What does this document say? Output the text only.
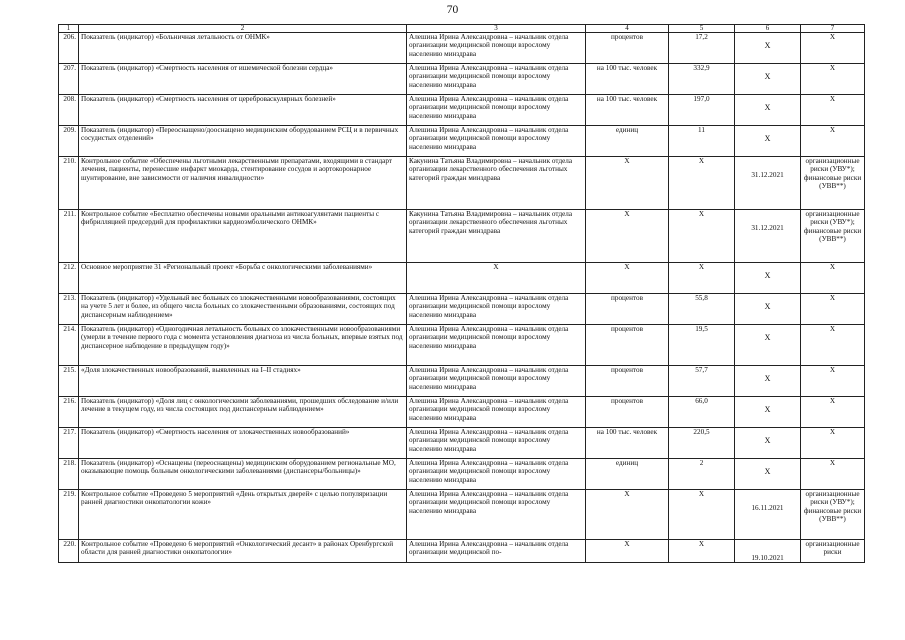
70
1	2	3	4	5	6	7
206.	Показатель (индикатор) «Больничная летальность от ОНМК»	Алешина Ирина Александровна – начальник отдела организации медицинской помощи взрослому населению минздрава	процентов	17,2	X	X

207.	Показатель (индикатор) «Смертность населения от ишемической болезни сердца»	Алешина Ирина Александровна – начальник отдела организации медицинской помощи взрослому населению минздрава	на 100 тыс. человек	332,9	X	X

208.	Показатель (индикатор) «Смертность населения от цереброваскулярных болезней»	Алешина Ирина Александровна – начальник отдела организации медицинской помощи взрослому населению минздрава	на 100 тыс. человек	197,0	X	X

209.	Показатель (индикатор) «Переоснащено/дооснащено медицинским оборудованием РСЦ и в первичных сосудистых отделений»	Алешина Ирина Александровна – начальник отдела организации медицинской помощи взрослому населению минздрава	единиц	11	X	X

210.	Контрольное событие «Обеспечены льготными лекарственными препаратами, входящими в стандарт лечения, пациенты, перенесшие инфаркт миокарда, стентирование сосудов и аортокоронарное шунтирование, вне зависимости от наличия инвалидности»	Какунина Татьяна Владимировна – начальник отдела организации лекарственного обеспечения льготных категорий граждан минздрава	X	X	31.12.2021	организационные риски (УВУ*); финансовые риски (УВВ**)

211.	Контрольное событие «Бесплатно обеспечены новыми оральными антикоагулянтами пациенты с фибрилляцией предсердий для профилактики кардиоэмболического ОНМК»	Какунина Татьяна Владимировна – начальник отдела организации лекарственного обеспечения льготных категорий граждан минздрава	X	X	31.12.2021	организационные риски (УВУ*); финансовые риски (УВВ**)

212.	Основное мероприятие 31 «Региональный проект «Борьба с онкологическими заболеваниями»	X	X	X	X	X

213.	Показатель (индикатор) «Удельный вес больных со злокачественными новообразованиями, состоящих на учете 5 лет и более, из общего числа больных со злокачественными образованиями, состоящих под диспансерным наблюдением»	Алешина Ирина Александровна – начальник отдела организации медицинской помощи взрослому населению минздрава	процентов	55,8	X	X

214.	Показатель (индикатор) «Одногодичная летальность больных со злокачественными новообразованиями (умерли в течение первого года с момента установления диагноза из числа больных, впервые взятых под диспансерное наблюдение в предыдущем году)»	Алешина Ирина Александровна – начальник отдела организации медицинской помощи взрослому населению минздрава	процентов	19,5	X	X

215.	«Доля злокачественных новообразований, выявленных на I–II стадиях»	Алешина Ирина Александровна – начальник отдела организации медицинской помощи взрослому населению минздрава	процентов	57,7	X	X

216.	Показатель (индикатор) «Доля лиц с онкологическими заболеваниями, прошедших обследование и/или лечение в текущем году, из числа состоящих под диспансерным наблюдением»	Алешина Ирина Александровна – начальник отдела организации медицинской помощи взрослому населению минздрава	процентов	66,0	X	X

217.	Показатель (индикатор) «Смертность населения от злокачественных новообразований»	Алешина Ирина Александровна – начальник отдела организации медицинской помощи взрослому населению минздрава	на 100 тыс. человек	220,5	X	X

218.	Показатель (индикатор) «Оснащены (переоснащены) медицинским оборудованием региональные МО, оказывающие помощь больным онкологическими заболеваниями (диспансеры/больницы)»	Алешина Ирина Александровна – начальник отдела организации медицинской помощи взрослому населению минздрава	единиц	2	X	X

219.	Контрольное событие «Проведено 5 мероприятий «День открытых дверей» с целью популяризации ранней диагностики онкопатологии кожи»	Алешина Ирина Александровна – начальник отдела организации медицинской помощи взрослому населению минздрава	X	X	16.11.2021	организационные риски (УВУ*); финансовые риски (УВВ**)

220.	Контрольное событие «Проведено 6 мероприятий «Онкологический десант» в районах Оренбургской области для ранней диагностики онкопатологии»	Алешина Ирина Александровна – начальник отдела организации медицинской по-	X	X	19.10.2021	организационные риски
